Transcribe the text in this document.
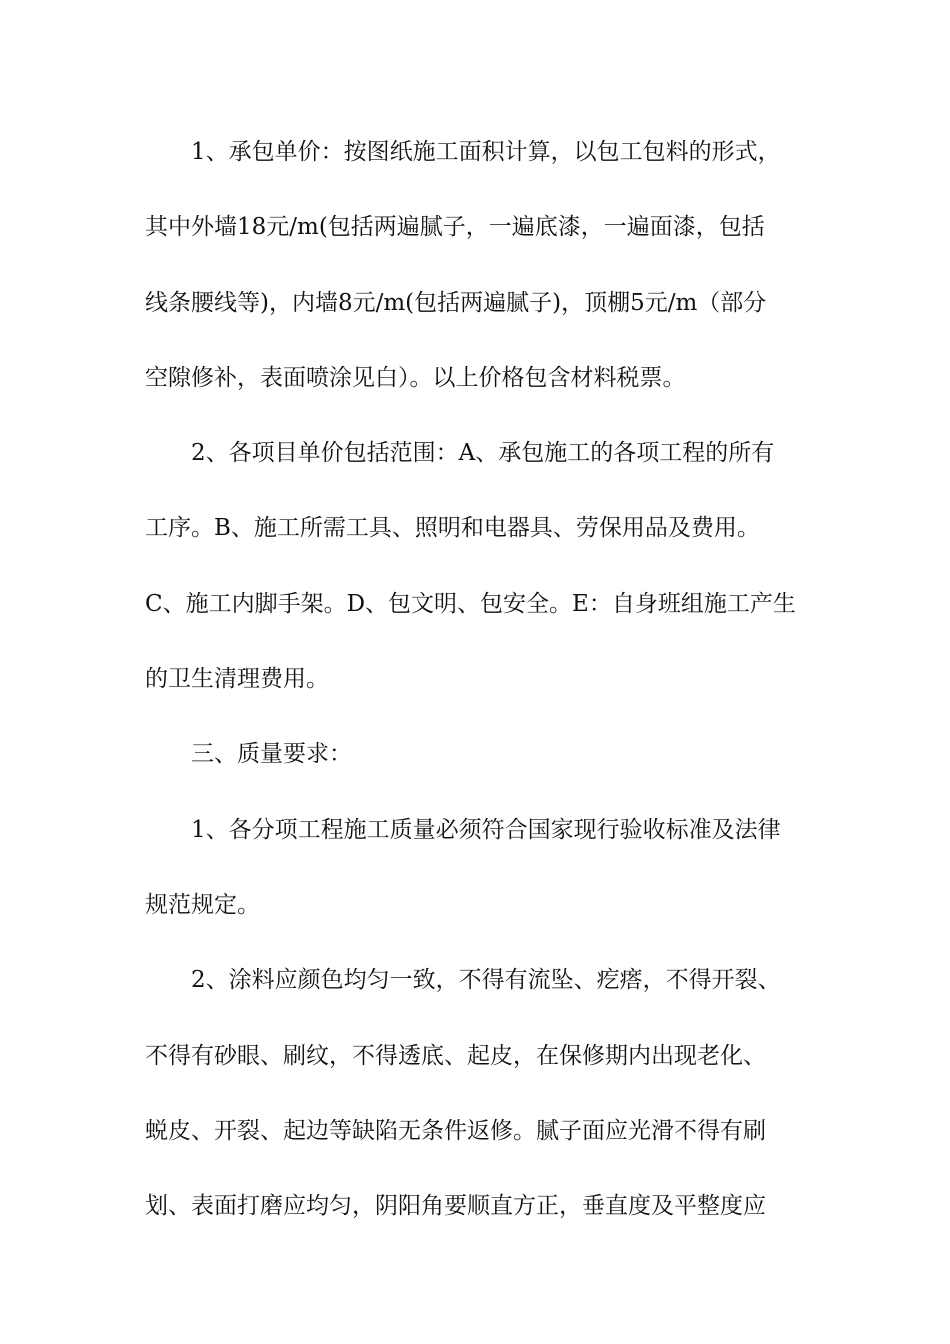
1、承包单价：按图纸施工面积计算，以包工包料的形式，
其中外墙18元/m(包括两遍腻子，一遍底漆，一遍面漆，包括
线条腰线等)，内墙8元/m(包括两遍腻子)，顶棚5元/m（部分
空隙修补，表面喷涂见白）。以上价格包含材料税票。
2、各项目单价包括范围：A、承包施工的各项工程的所有
工序。B、施工所需工具、照明和电器具、劳保用品及费用。
C、施工内脚手架。D、包文明、包安全。E：自身班组施工产生
的卫生清理费用。
三、质量要求：
1、各分项工程施工质量必须符合国家现行验收标准及法律
规范规定。
2、涂料应颜色均匀一致，不得有流坠、疙瘩，不得开裂、
不得有砂眼、刷纹，不得透底、起皮，在保修期内出现老化、
蜕皮、开裂、起边等缺陷无条件返修。腻子面应光滑不得有刷
划、表面打磨应均匀，阴阳角要顺直方正，垂直度及平整度应
